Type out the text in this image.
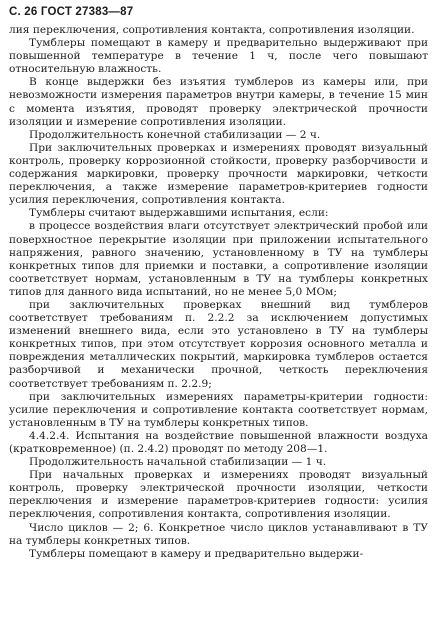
С. 26 ГОСТ 27383—87

лия переключения, сопротивления контакта, сопротивления изоляции.

Тумблеры помещают в камеру и предварительно выдерживают при повышенной температуре в течение 1 ч, после чего повышают относительную влажность.

В конце выдержки без изъятия тумблеров из камеры или, при невозможности измерения параметров внутри камеры, в течение 15 мин с момента изъятия, проводят проверку электрической прочности изоляции и измерение сопротивления изоляции.

Продолжительность конечной стабилизации — 2 ч.

При заключительных проверках и измерениях проводят визуальный контроль, проверку коррозионной стойкости, проверку разборчивости и содержания маркировки, проверку прочности маркировки, четкости переключения, а также измерение параметров-критериев годности усилия переключения, сопротивления контакта.

Тумблеры считают выдержавшими испытания, если:

в процессе воздействия влаги отсутствует электрический пробой или поверхностное перекрытие изоляции при приложении испытательного напряжения, равного значению, установленному в ТУ на тумблеры конкретных типов для приемки и поставки, а сопротивление изоляции соответствует нормам, установленным в ТУ на тумблеры конкретных типов для данного вида испытаний, но не менее 5,0 МОм;

при заключительных проверках внешний вид тумблеров соответствует требованиям п. 2.2.2 за исключением допустимых изменений внешнего вида, если это установлено в ТУ на тумблеры конкретных типов, при этом отсутствует коррозия основного металла и повреждения металлических покрытий, маркировка тумблеров остается разборчивой и механически прочной, четкость переключения соответствует требованиям п. 2.2.9;

при заключительных измерениях параметры-критерии годности: усилие переключения и сопротивление контакта соответствует нормам, установленным в ТУ на тумблеры конкретных типов.

4.4.2.4. Испытания на воздействие повышенной влажности воздуха (кратковременное) (п. 2.4.2) проводят по методу 208—1.

Продолжительность начальной стабилизации — 1 ч.

При начальных проверках и измерениях проводят визуальный контроль, проверку электрической прочности изоляции, четкости переключения и измерение параметров-критериев годности: усилия переключения, сопротивления контакта, сопротивления изоляции.

Число циклов — 2; 6. Конкретное число циклов устанавливают в ТУ на тумблеры конкретных типов.

Тумблеры помещают в камеру и предварительно выдержи-
